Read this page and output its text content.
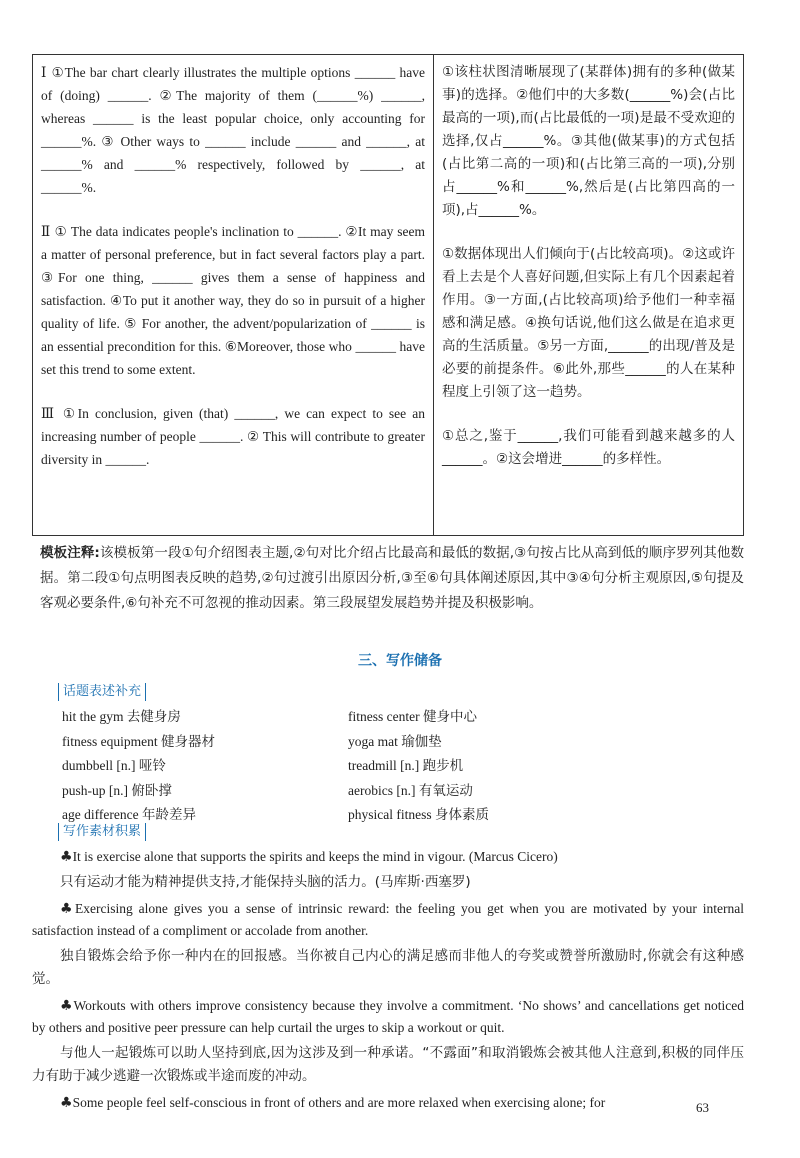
Ⅰ ①The bar chart clearly illustrates the multiple options ______ have of (doing) ______. ②The majority of them (______%) ______, whereas ______ is the least popular choice, only accounting for ______%. ③ Other ways to ______ include ______ and ______, at ______% and ______% respectively, followed by ______, at ______%.

Ⅱ ① The data indicates people's inclination to ______. ②It may seem a matter of personal preference, but in fact several factors play a part. ③For one thing, ______ gives them a sense of happiness and satisfaction. ④To put it another way, they do so in pursuit of a higher quality of life. ⑤ For another, the advent/popularization of ______ is an essential precondition for this. ⑥Moreover, those who ______ have set this trend to some extent.

Ⅲ ①In conclusion, given (that) ______, we can expect to see an increasing number of people ______. ② This will contribute to greater diversity in ______.

①该柱状图清晰展现了(某群体)拥有的多种(做某事)的选择。②他们中的大多数(______%)会(占比最高的一项),而(占比最低的一项)是最不受欢迎的选择,仅占______%。③其他(做某事)的方式包括(占比第二高的一项)和(占比第三高的一项),分别占______%和______%,然后是(占比第四高的一项),占______%。

①数据体现出人们倾向于(占比较高项)。②这或许看上去是个人喜好问题,但实际上有几个因素起着作用。③一方面,(占比较高项)给予他们一种幸福感和满足感。④换句话说,他们这么做是在追求更高的生活质量。⑤另一方面,______的出现/普及是必要的前提条件。⑥此外,那些______的人在某种程度上引领了这一趋势。

①总之,鉴于______,我们可能看到越来越多的人______。②这会增进______的多样性。

模板注释:该模板第一段①句介绍图表主题,②句对比介绍占比最高和最低的数据,③句按占比从高到低的顺序罗列其他数据。第二段①句点明图表反映的趋势,②句过渡引出原因分析,③至⑥句具体阐述原因,其中③④句分析主观原因,⑤句提及客观必要条件,⑥句补充不可忽视的推动因素。第三段展望发展趋势并提及积极影响。

三、写作储备
话题表述补充
hit the gym 去健身房	fitness center 健身中心
fitness equipment 健身器材	yoga mat 瑜伽垫
dumbbell [n.] 哑铃	treadmill [n.] 跑步机
push-up [n.] 俯卧撑	aerobics [n.] 有氧运动
age difference 年龄差异	physical fitness 身体素质
写作素材积累

♣It is exercise alone that supports the spirits and keeps the mind in vigour. (Marcus Cicero)

只有运动才能为精神提供支持,才能保持头脑的活力。(马库斯·西塞罗)

♣Exercising alone gives you a sense of intrinsic reward: the feeling you get when you are motivated by your internal satisfaction instead of a compliment or accolade from another.

独自锻炼会给予你一种内在的回报感。当你被自己内心的满足感而非他人的夸奖或赞誉所激励时,你就会有这种感觉。

♣Workouts with others improve consistency because they involve a commitment. ‘No shows’ and cancellations get noticed by others and positive peer pressure can help curtail the urges to skip a workout or quit.

与他人一起锻炼可以助人坚持到底,因为这涉及到一种承诺。“不露面”和取消锻炼会被其他人注意到,积极的同伴压力有助于减少逃避一次锻炼或半途而废的冲动。

♣Some people feel self-conscious in front of others and are more relaxed when exercising alone; for	63
